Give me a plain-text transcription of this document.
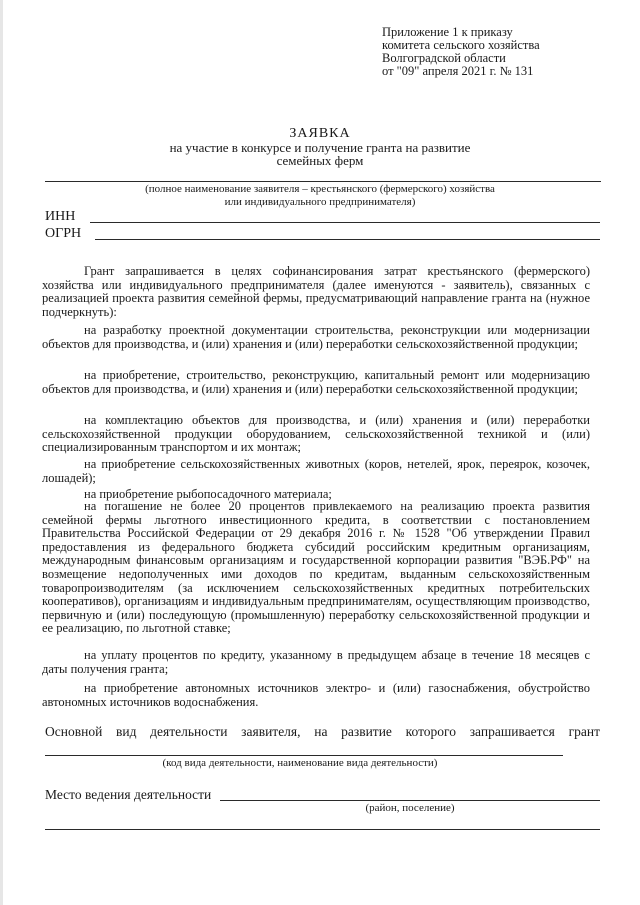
Приложение 1 к приказу
комитета сельского хозяйства
Волгоградской области
от "09" апреля 2021 г. № 131
ЗАЯВКА
на участие в конкурсе и получение гранта на развитие
семейных ферм
(полное наименование заявителя – крестьянского (фермерского) хозяйства
или индивидуального предпринимателя)
ИНН
ОГРН
Грант запрашивается в целях софинансирования затрат крестьянского (фермерского) хозяйства или индивидуального предпринимателя (далее именуются - заявитель), связанных с реализацией проекта развития семейной фермы, предусматривающий направление гранта на (нужное подчеркнуть):
на разработку проектной документации строительства, реконструкции или модернизации объектов для производства, и (или) хранения и (или) переработки сельскохозяйственной продукции;
на приобретение, строительство, реконструкцию, капитальный ремонт или модернизацию объектов для производства, и (или) хранения и (или) переработки сельскохозяйственной продукции;
на комплектацию объектов для производства, и (или) хранения и (или) переработки сельскохозяйственной продукции оборудованием, сельскохозяйственной техникой и (или) специализированным транспортом и их монтаж;
на приобретение сельскохозяйственных животных (коров, нетелей, ярок, переярок, козочек, лошадей);
на приобретение рыбопосадочного материала;
на погашение не более 20 процентов привлекаемого на реализацию проекта развития семейной фермы льготного инвестиционного кредита, в соответствии с постановлением Правительства Российской Федерации от 29 декабря 2016 г. № 1528 "Об утверждении Правил предоставления из федерального бюджета субсидий российским кредитным организациям, международным финансовым организациям и государственной корпорации развития "ВЭБ.РФ" на возмещение недополученных ими доходов по кредитам, выданным сельскохозяйственным товаропроизводителям (за исключением сельскохозяйственных кредитных потребительских кооперативов), организациям и индивидуальным предпринимателям, осуществляющим производство, первичную и (или) последующую (промышленную) переработку сельскохозяйственной продукции и ее реализацию, по льготной ставке;
на уплату процентов по кредиту, указанному в предыдущем абзаце в течение 18 месяцев с даты получения гранта;
на приобретение автономных источников электро- и (или) газоснабжения, обустройство автономных источников водоснабжения.
Основной вид деятельности заявителя, на развитие которого запрашивается грант
(код вида деятельности, наименование вида деятельности)
Место ведения деятельности
(район, поселение)
